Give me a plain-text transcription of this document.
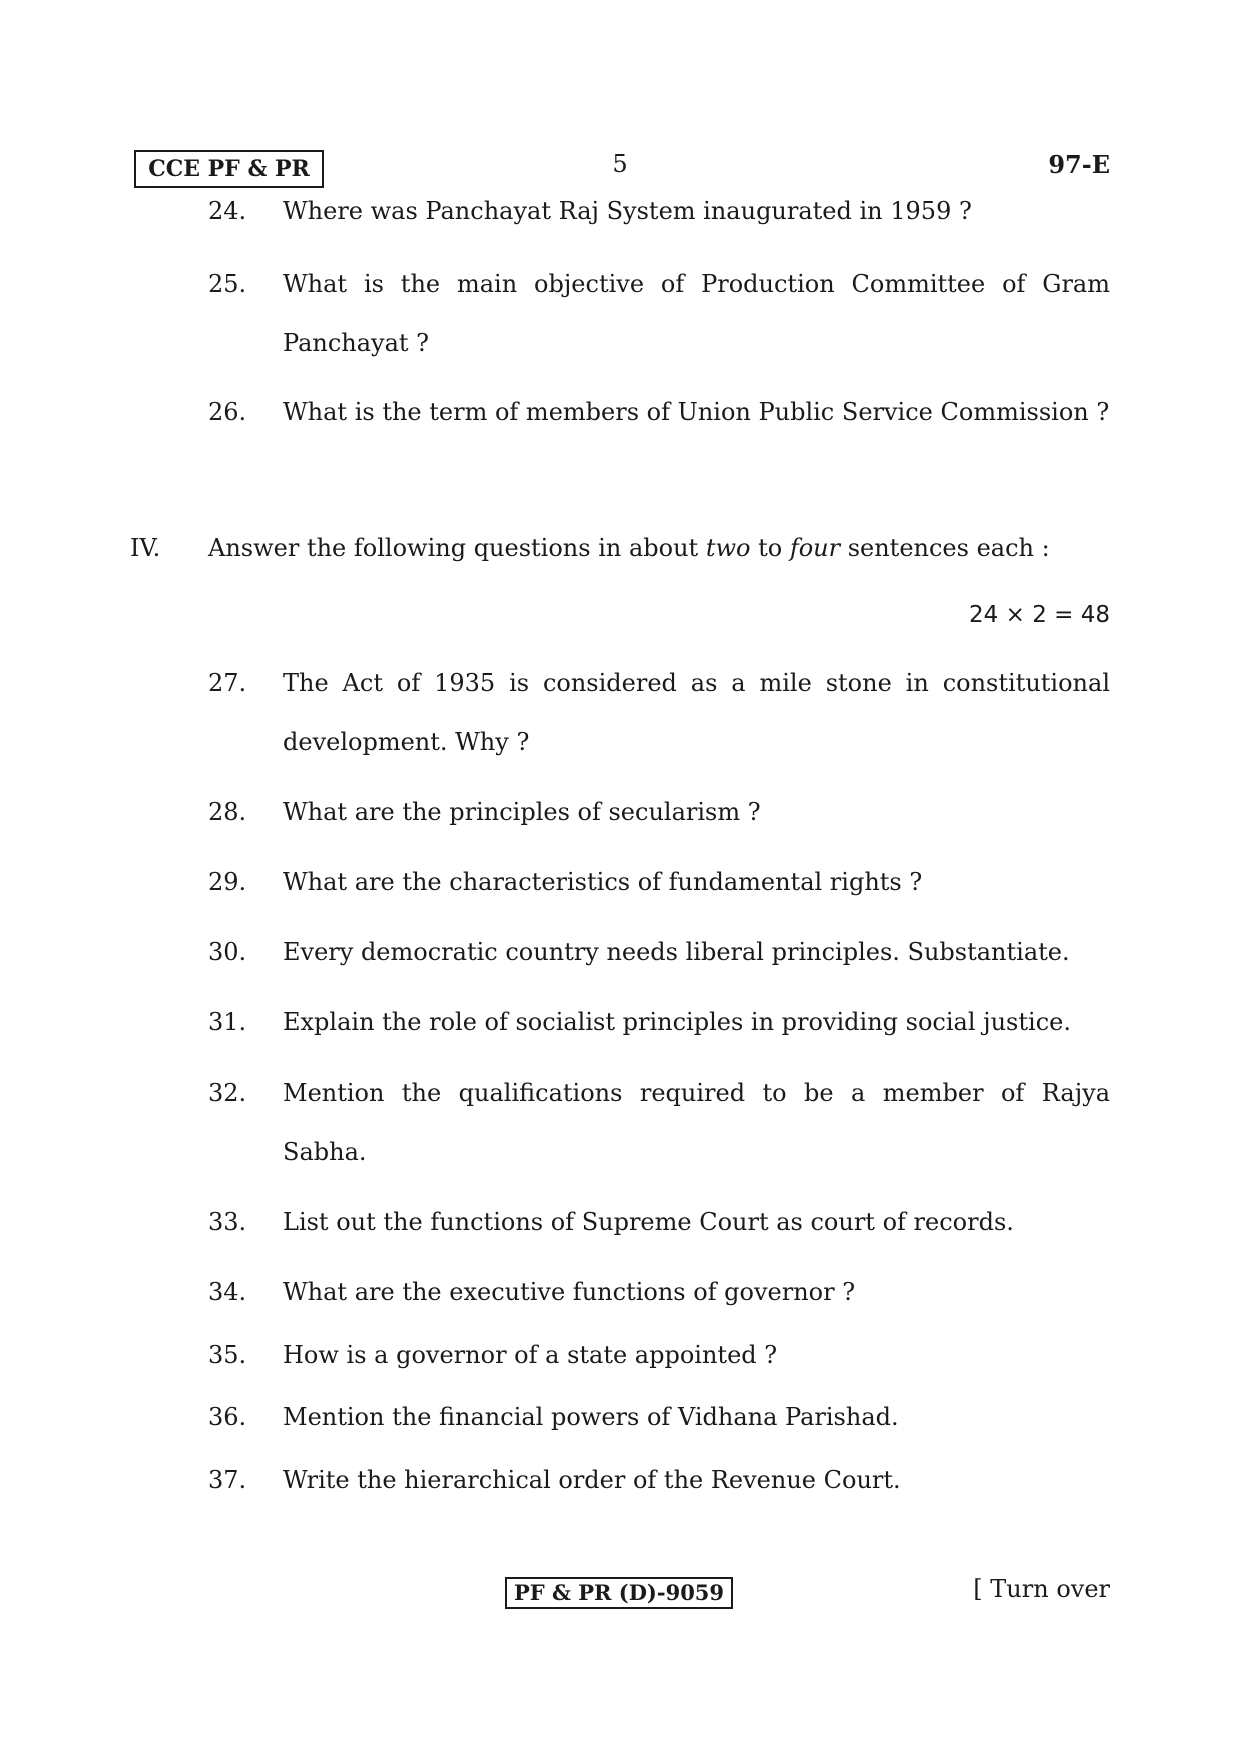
CCE PF & PR	5	97-E
24.	Where was Panchayat Raj System inaugurated in 1959 ?
25.	What is the main objective of Production Committee of Gram Panchayat ?
26.	What is the term of members of Union Public Service Commission ?
IV. Answer the following questions in about two to four sentences each :
24 × 2 = 48
27.	The Act of 1935 is considered as a mile stone in constitutional development. Why ?
28.	What are the principles of secularism ?
29.	What are the characteristics of fundamental rights ?
30.	Every democratic country needs liberal principles. Substantiate.
31.	Explain the role of socialist principles in providing social justice.
32.	Mention the qualifications required to be a member of Rajya Sabha.
33.	List out the functions of Supreme Court as court of records.
34.	What are the executive functions of governor ?
35.	How is a governor of a state appointed ?
36.	Mention the financial powers of Vidhana Parishad.
37.	Write the hierarchical order of the Revenue Court.
PF & PR (D)-9059	[ Turn over
